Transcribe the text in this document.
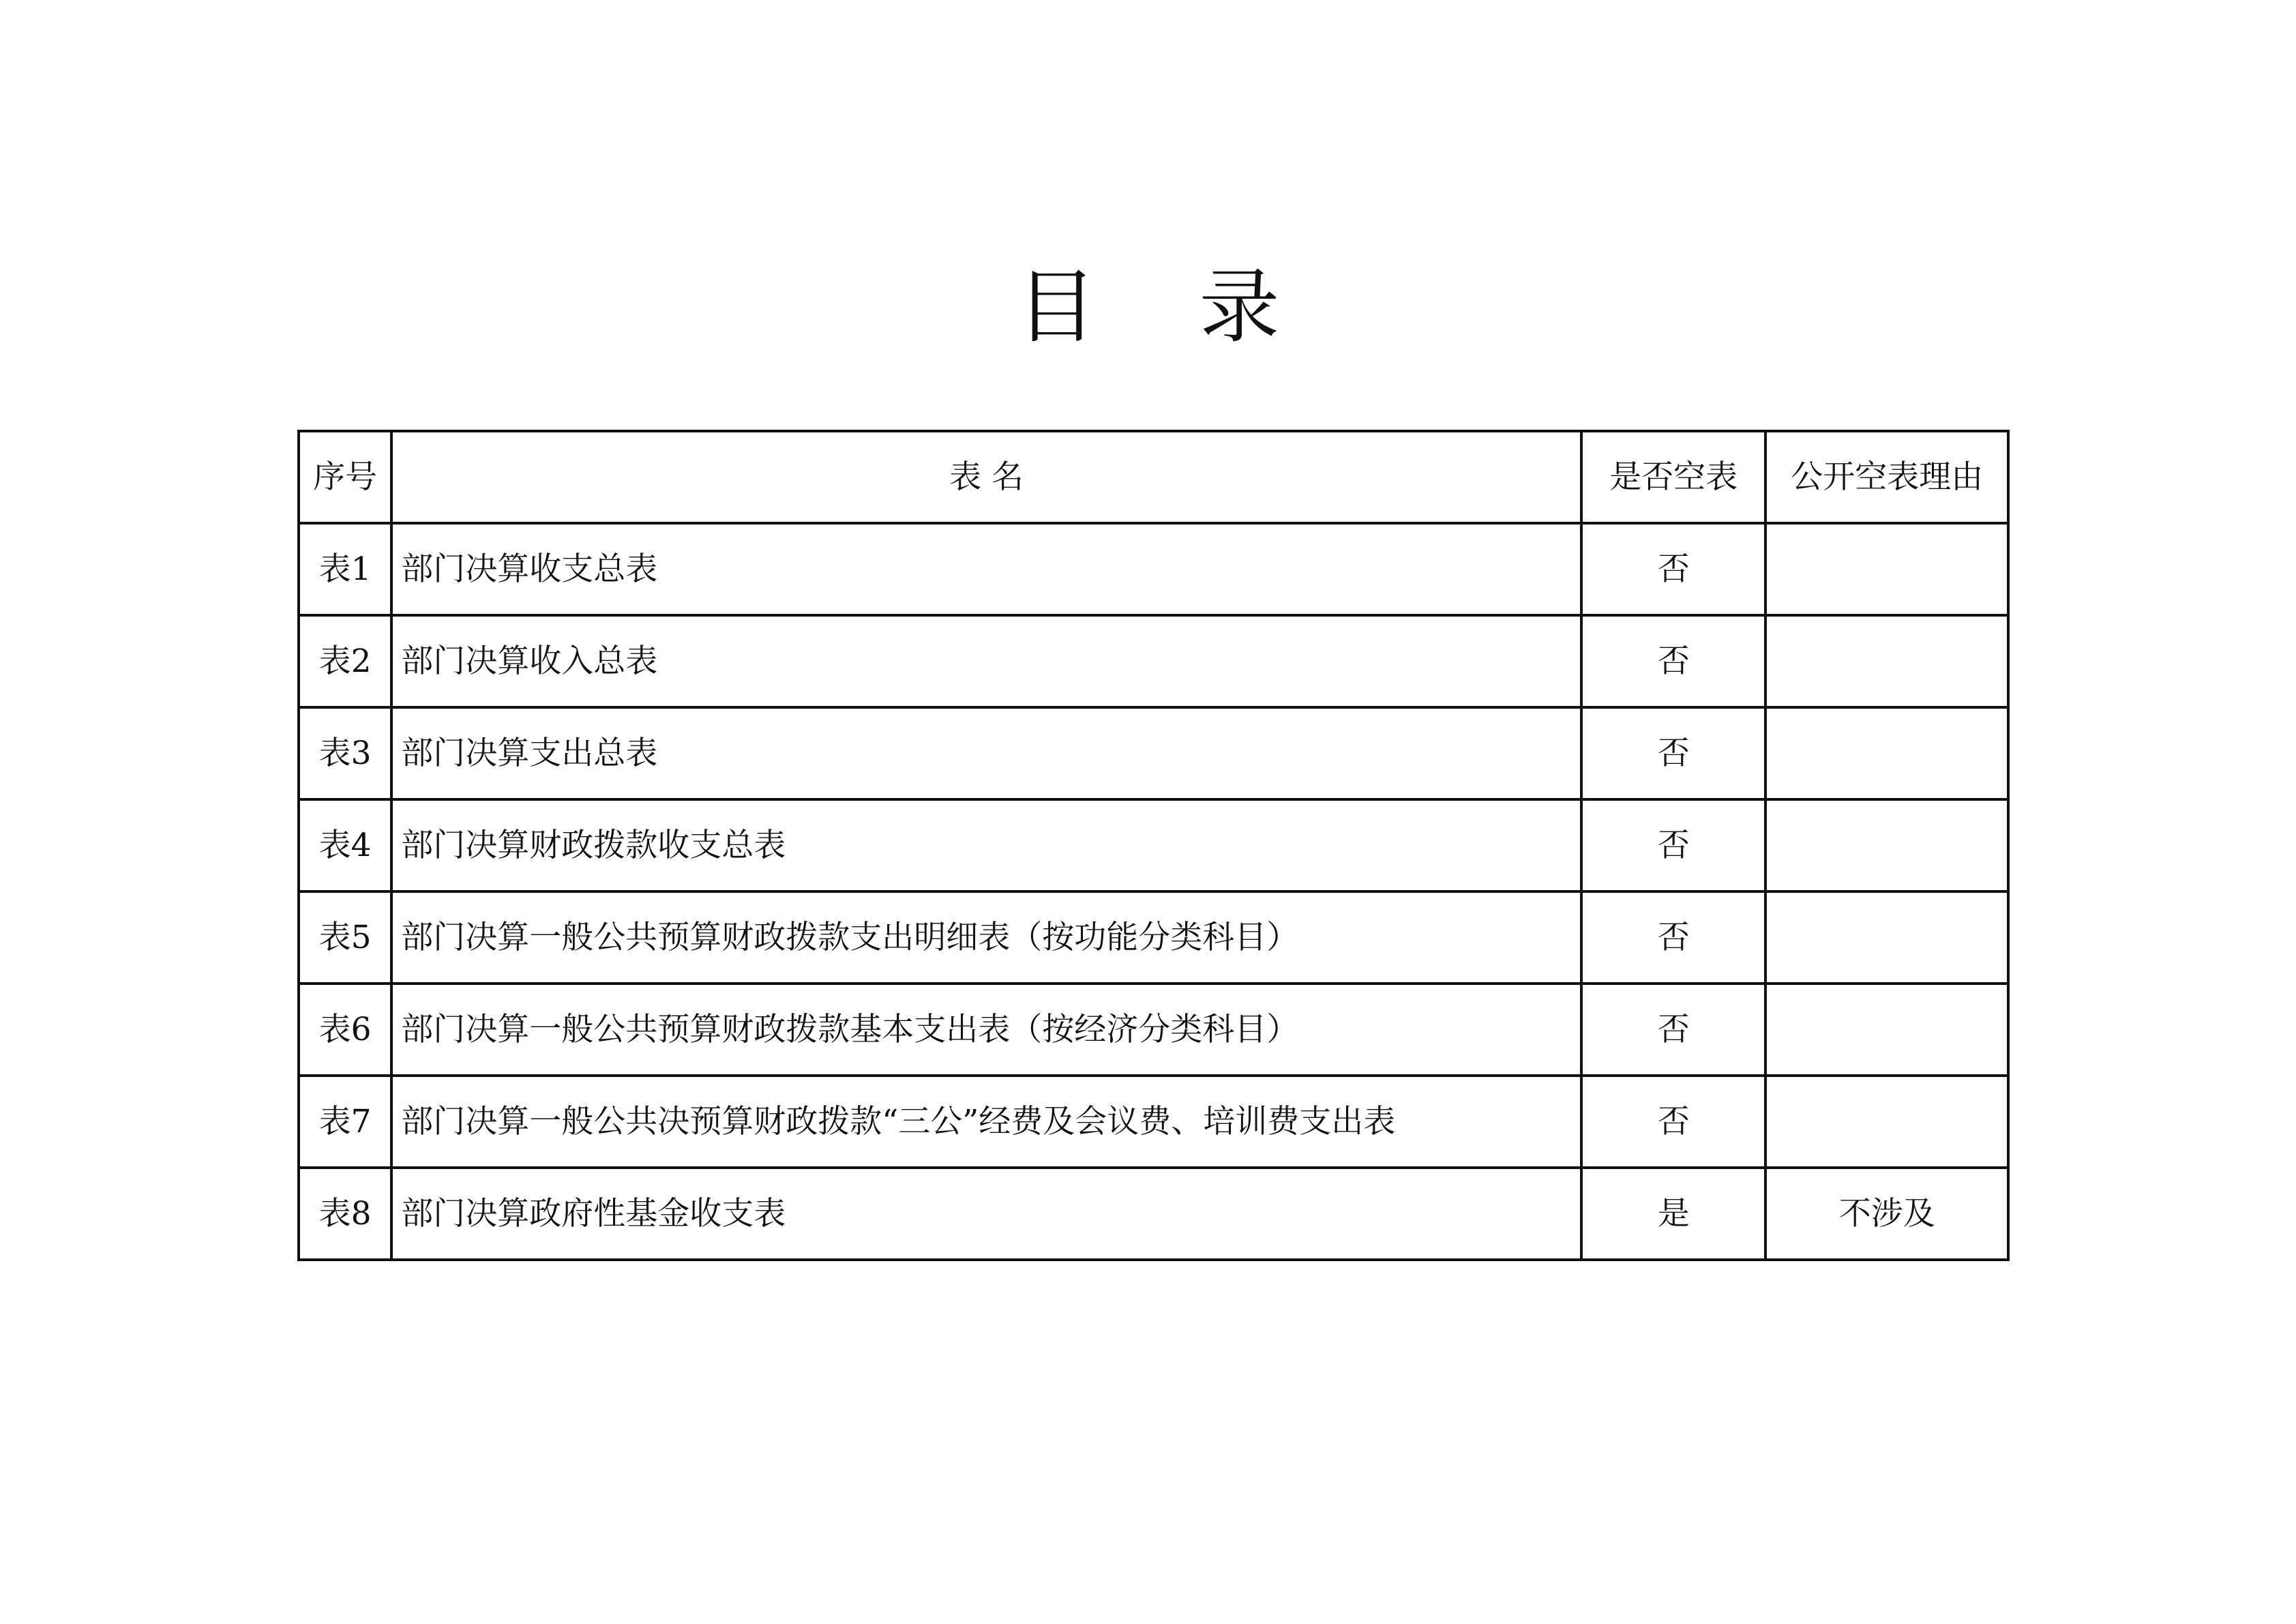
目    录
序号	表 名	是否空表	公开空表理由
表1	部门决算收支总表	否	
表2	部门决算收入总表	否	
表3	部门决算支出总表	否	
表4	部门决算财政拨款收支总表	否	
表5	部门决算一般公共预算财政拨款支出明细表（按功能分类科目）	否	
表6	部门决算一般公共预算财政拨款基本支出表（按经济分类科目）	否	
表7	部门决算一般公共决预算财政拨款“三公”经费及会议费、培训费支出表	否	
表8	部门决算政府性基金收支表	是	不涉及
